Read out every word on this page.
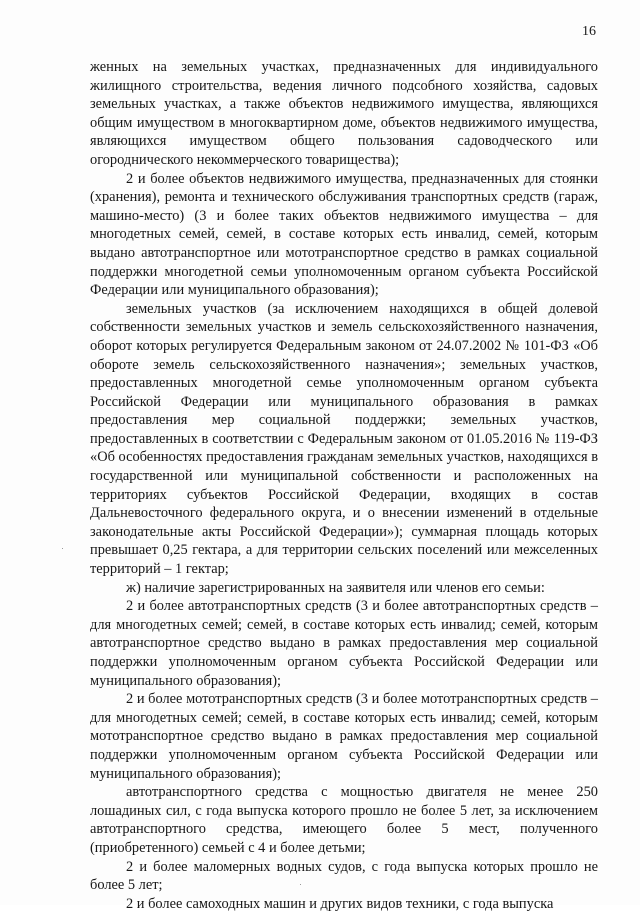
16

женных на земельных участках, предназначенных для индивидуального жилищного строительства, ведения личного подсобного хозяйства, садовых земельных участках, а также объектов недвижимого имущества, являющихся общим имуществом в многоквартирном доме, объектов недвижимого имущества, являющихся имуществом общего пользования садоводческого или огороднического некоммерческого товарищества);

2 и более объектов недвижимого имущества, предназначенных для стоянки (хранения), ремонта и технического обслуживания транспортных средств (гараж, машино-место) (3 и более таких объектов недвижимого имущества – для многодетных семей, семей, в составе которых есть инвалид, семей, которым выдано автотранспортное или мототранспортное средство в рамках социальной поддержки многодетной семьи уполномоченным органом субъекта Российской Федерации или муниципального образования);

земельных участков (за исключением находящихся в общей долевой собственности земельных участков и земель сельскохозяйственного назначения, оборот которых регулируется Федеральным законом от 24.07.2002 № 101-ФЗ «Об обороте земель сельскохозяйственного назначения»; земельных участков, предоставленных многодетной семье уполномоченным органом субъекта Российской Федерации или муниципального образования в рамках предоставления мер социальной поддержки; земельных участков, предоставленных в соответствии с Федеральным законом от 01.05.2016 № 119-ФЗ «Об особенностях предоставления гражданам земельных участков, находящихся в государственной или муниципальной собственности и расположенных на территориях субъектов Российской Федерации, входящих в состав Дальневосточного федерального округа, и о внесении изменений в отдельные законодательные акты Российской Федерации»); суммарная площадь которых превышает 0,25 гектара, а для территории сельских поселений или межселенных территорий – 1 гектар;

ж) наличие зарегистрированных на заявителя или членов его семьи:

2 и более автотранспортных средств (3 и более автотранспортных средств – для многодетных семей; семей, в составе которых есть инвалид; семей, которым автотранспортное средство выдано в рамках предоставления мер социальной поддержки уполномоченным органом субъекта Российской Федерации или муниципального образования);

2 и более мототранспортных средств (3 и более мототранспортных средств – для многодетных семей; семей, в составе которых есть инвалид; семей, которым мототранспортное средство выдано в рамках предоставления мер социальной поддержки уполномоченным органом субъекта Российской Федерации или муниципального образования);

автотранспортного средства с мощностью двигателя не менее 250 лошадиных сил, с года выпуска которого прошло не более 5 лет, за исключением автотранспортного средства, имеющего более 5 мест, полученного (приобретенного) семьей с 4 и более детьми;

2 и более маломерных водных судов, с года выпуска которых прошло не более 5 лет;

2 и более самоходных машин и других видов техники, с года выпуска
